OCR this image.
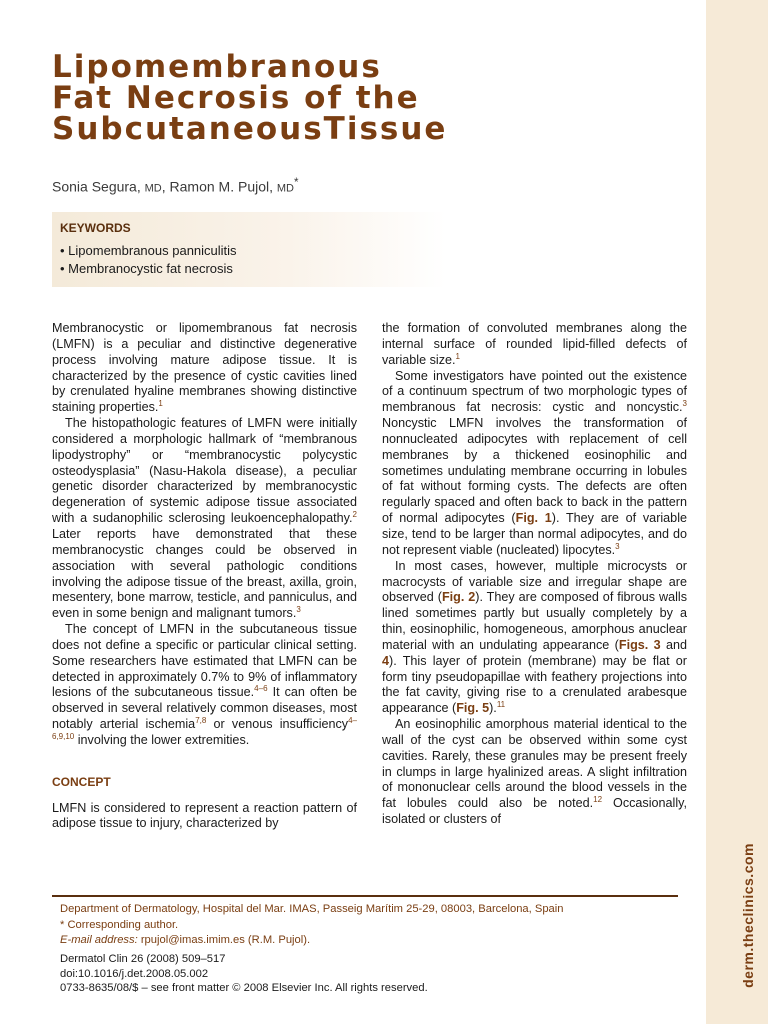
derm.theclinics.com
Lipomembranous
Fat Necrosis of the
SubcutaneousTissue
Sonia Segura, MD, Ramon M. Pujol, MD*
KEYWORDS
• Lipomembranous panniculitis
• Membranocystic fat necrosis

Membranocystic or lipomembranous fat necrosis (LMFN) is a peculiar and distinctive degenerative process involving mature adipose tissue. It is characterized by the presence of cystic cavities lined by crenulated hyaline membranes showing distinctive staining properties.$^1$

The histopathologic features of LMFN were initially considered a morphologic hallmark of “membranous lipodystrophy” or “membranocystic polycystic osteodysplasia” (Nasu-Hakola disease), a peculiar genetic disorder characterized by membranocystic degeneration of systemic adipose tissue associated with a sudanophilic sclerosing leukoencephalopathy.$^2$ Later reports have demonstrated that these membranocystic changes could be observed in association with several pathologic conditions involving the adipose tissue of the breast, axilla, groin, mesentery, bone marrow, testicle, and panniculus, and even in some benign and malignant tumors.$^3$

The concept of LMFN in the subcutaneous tissue does not define a specific or particular clinical setting. Some researchers have estimated that LMFN can be detected in approximately 0.7% to 9% of inflammatory lesions of the subcutaneous tissue.$^{4-6}$ It can often be observed in several relatively common diseases, most notably arterial ischemia$^{7,8}$ or venous insufficiency$^{4-6,9,10}$ involving the lower extremities.

CONCEPT

LMFN is considered to represent a reaction pattern of adipose tissue to injury, characterized by

the formation of convoluted membranes along the internal surface of rounded lipid-filled defects of variable size.$^1$

Some investigators have pointed out the existence of a continuum spectrum of two morphologic types of membranous fat necrosis: cystic and noncystic.$^3$ Noncystic LMFN involves the transformation of nonnucleated adipocytes with replacement of cell membranes by a thickened eosinophilic and sometimes undulating membrane occurring in lobules of fat without forming cysts. The defects are often regularly spaced and often back to back in the pattern of normal adipocytes (Fig. 1). They are of variable size, tend to be larger than normal adipocytes, and do not represent viable (nucleated) lipocytes.$^3$

In most cases, however, multiple microcysts or macrocysts of variable size and irregular shape are observed (Fig. 2). They are composed of fibrous walls lined sometimes partly but usually completely by a thin, eosinophilic, homogeneous, amorphous anuclear material with an undulating appearance (Figs. 3 and 4). This layer of protein (membrane) may be flat or form tiny pseudopapillae with feathery projections into the fat cavity, giving rise to a crenulated arabesque appearance (Fig. 5).$^{11}$

An eosinophilic amorphous material identical to the wall of the cyst can be observed within some cyst cavities. Rarely, these granules may be present freely in clumps in large hyalinized areas. A slight infiltration of mononuclear cells around the blood vessels in the fat lobules could also be noted.$^{12}$ Occasionally, isolated or clusters of

Department of Dermatology, Hospital del Mar. IMAS, Passeig Marítim 25-29, 08003, Barcelona, Spain
* Corresponding author.
E-mail address: rpujol@imas.imim.es (R.M. Pujol).
Dermatol Clin 26 (2008) 509–517
doi:10.1016/j.det.2008.05.002
0733-8635/08/$ – see front matter © 2008 Elsevier Inc. All rights reserved.
